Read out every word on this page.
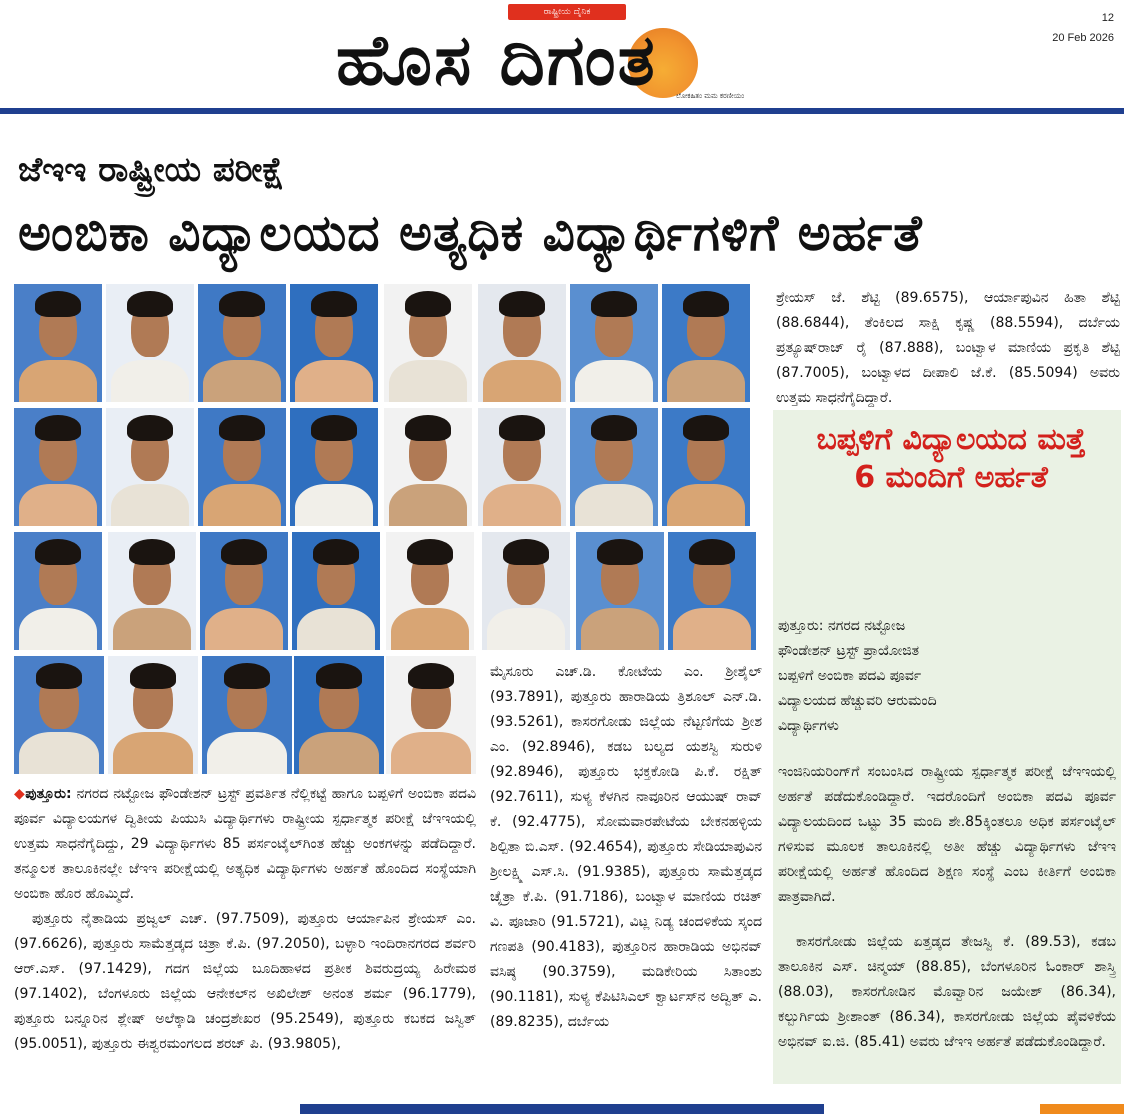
ರಾಷ್ಟ್ರೀಯ ದೈನಿಕ
ಹೊಸ ದಿಗಂತ	ಲೋಕಹಿತಂ ಮಮ ಕರಣೀಯಂ
12
20 Feb 2026
ಜೆಇಇ ರಾಷ್ಟ್ರೀಯ ಪರೀಕ್ಷೆ
ಅಂಬಿಕಾ ವಿದ್ಯಾಲಯದ ಅತ್ಯಧಿಕ ವಿದ್ಯಾರ್ಥಿಗಳಿಗೆ ಅರ್ಹತೆ

◆ಪುತ್ತೂರು: ನಗರದ ನಟ್ಟೋಜ ಫೌಂಡೇಶನ್ ಟ್ರಸ್ಟ್ ಪ್ರವರ್ತಿತ ನೆಲ್ಲಿಕಟ್ಟೆ ಹಾಗೂ ಬಪ್ಪಳಿಗೆ ಅಂಬಿಕಾ ಪದವಿ ಪೂರ್ವ ವಿದ್ಯಾಲಯಗಳ ದ್ವಿತೀಯ ಪಿಯುಸಿ ವಿದ್ಯಾರ್ಥಿಗಳು ರಾಷ್ಟ್ರೀಯ ಸ್ಪರ್ಧಾತ್ಮಕ ಪರೀಕ್ಷೆ ಜೆಇಇಯಲ್ಲಿ ಉತ್ತಮ ಸಾಧನೆಗೈದಿದ್ದು, 29 ವಿದ್ಯಾರ್ಥಿಗಳು 85 ಪರ್ಸಂಟೈಲ್‌ಗಿಂತ ಹೆಚ್ಚು ಅಂಕಗಳನ್ನು ಪಡೆದಿದ್ದಾರೆ. ತನ್ಮೂಲಕ ತಾಲೂಕಿನಲ್ಲೇ ಜೆಇಇ ಪರೀಕ್ಷೆಯಲ್ಲಿ ಅತ್ಯಧಿಕ ವಿದ್ಯಾರ್ಥಿಗಳು ಅರ್ಹತೆ ಹೊಂದಿದ ಸಂಸ್ಥೆಯಾಗಿ ಅಂಬಿಕಾ ಹೊರ ಹೊಮ್ಮಿದೆ.

ಪುತ್ತೂರು ನೈತಾಡಿಯ ಪ್ರಜ್ವಲ್ ಎಚ್. (97.7509), ಪುತ್ತೂರು ಆರ್ಯಾಪಿನ ಶ್ರೇಯಸ್ ಎಂ. (97.6626), ಪುತ್ತೂರು ಸಾಮೆತ್ತಡ್ಕದ ಚಿತ್ರಾ ಕೆ.ಪಿ. (97.2050), ಬಳ್ಳಾರಿ ಇಂದಿರಾನಗರದ ಶರ್ವರಿ ಆರ್.ಎಸ್. (97.1429), ಗದಗ ಜಿಲ್ಲೆಯ ಬೂದಿಹಾಳದ ಪ್ರತೀಕ ಶಿವರುದ್ರಯ್ಯ ಹಿರೇಮಠ (97.1402), ಬೆಂಗಳೂರು ಜಿಲ್ಲೆಯ ಆನೇಕಲ್‌ನ ಅಖಿಲೇಶ್ ಅನಂತ ಶರ್ಮ (96.1779), ಪುತ್ತೂರು ಬನ್ನೂರಿನ ಶ್ಲೇಷ್ ಅಲೆಕ್ಕಾಡಿ ಚಂದ್ರಶೇಖರ (95.2549), ಪುತ್ತೂರು ಕಬಕದ ಜಸ್ವಿತ್ (95.0051), ಪುತ್ತೂರು ಈಶ್ವರಮಂಗಲದ ಶರಜ್ ಪಿ. (93.9805),

ಮೈಸೂರು ಎಚ್.ಡಿ. ಕೋಟೆಯ ಎಂ. ಶ್ರೀಶೈಲ್ (93.7891), ಪುತ್ತೂರು ಹಾರಾಡಿಯ ತ್ರಿಶೂಲ್ ಎನ್.ಡಿ. (93.5261), ಕಾಸರಗೋಡು ಜಿಲ್ಲೆಯ ನೆಟ್ಟಣಿಗೆಯ ಶ್ರೀಶ ಎಂ. (92.8946), ಕಡಬ ಬಲ್ಯದ ಯಶಸ್ವಿ ಸುರುಳಿ (92.8946), ಪುತ್ತೂರು ಭಕ್ತಕೋಡಿ ಪಿ.ಕೆ. ರಕ್ಷಿತ್ (92.7611), ಸುಳ್ಯ ಕೆಳಗಿನ ನಾವೂರಿನ ಆಯುಷ್ ರಾವ್ ಕೆ. (92.4775), ಸೋಮವಾರಪೇಟೆಯ ಬೇಕನಹಳ್ಳಿಯ ಶಿಲ್ಪಿತಾ ಬಿ.ಎಸ್. (92.4654), ಪುತ್ತೂರು ಸೇಡಿಯಾಪುವಿನ ಶ್ರೀಲಕ್ಷ್ಮಿ ಎಸ್.ಸಿ. (91.9385), ಪುತ್ತೂರು ಸಾಮೆತ್ತಡ್ಕದ ಚೈತ್ರಾ ಕೆ.ಪಿ. (91.7186), ಬಂಟ್ವಾಳ ಮಾಣಿಯ ರಚಿತ್ ವಿ. ಪೂಜಾರಿ (91.5721), ವಿಟ್ಲ ನಿಡ್ಯ ಚಂದಳಿಕೆಯ ಸ್ಕಂದ ಗಣಪತಿ (90.4183), ಪುತ್ತೂರಿನ ಹಾರಾಡಿಯ ಅಭಿನವ್ ವಸಿಷ್ಠ (90.3759), ಮಡಿಕೇರಿಯ ಸಿತಾಂಶು (90.1181), ಸುಳ್ಯ ಕೆಪಿಟಿಸಿಎಲ್ ಕ್ವಾರ್ಟಸ್‌ನ ಅದ್ವಿತ್ ಎ. (89.8235), ದರ್ಬೆಯ
ಶ್ರೇಯಸ್ ಜೆ. ಶೆಟ್ಟಿ (89.6575), ಆರ್ಯಾಪುವಿನ ಹಿತಾ ಶೆಟ್ಟಿ (88.6844), ತೆಂಕಿಲದ ಸಾಕ್ಷಿ ಕೃಷ್ಣ (88.5594), ದರ್ಬೆಯ ಪ್ರತ್ಯೂಷ್‌ರಾಜ್ ರೈ (87.888), ಬಂಟ್ವಾಳ ಮಾಣಿಯ ಪ್ರಕೃತಿ ಶೆಟ್ಟಿ (87.7005), ಬಂಟ್ವಾಳದ ದೀಪಾಲಿ ಜೆ.ಕೆ. (85.5094) ಅವರು ಉತ್ತಮ ಸಾಧನೆಗೈದಿದ್ದಾರೆ.
ಬಪ್ಪಳಿಗೆ ವಿದ್ಯಾಲಯದ ಮತ್ತೆ
6 ಮಂದಿಗೆ ಅರ್ಹತೆ
ಪುತ್ತೂರು: ನಗರದ ನಟ್ಟೋಜ ಫೌಂಡೇಶನ್ ಟ್ರಸ್ಟ್ ಪ್ರಾಯೋಜಿತ ಬಪ್ಪಳಿಗೆ ಅಂಬಿಕಾ ಪದವಿ ಪೂರ್ವ ವಿದ್ಯಾಲಯದ ಹೆಚ್ಚುವರಿ ಆರುಮಂದಿ ವಿದ್ಯಾರ್ಥಿಗಳು
ಇಂಜಿನಿಯರಿಂಗ್‌ಗೆ ಸಂಬಂಸಿದ ರಾಷ್ಟ್ರೀಯ ಸ್ಪರ್ಧಾತ್ಮಕ ಪರೀಕ್ಷೆ ಜೆಇಇಯಲ್ಲಿ ಅರ್ಹತೆ ಪಡೆದುಕೊಂಡಿದ್ದಾರೆ. ಇದರೊಂದಿಗೆ ಅಂಬಿಕಾ ಪದವಿ ಪೂರ್ವ ವಿದ್ಯಾಲಯದಿಂದ ಒಟ್ಟು 35 ಮಂದಿ ಶೇ.85ಕ್ಕಿಂತಲೂ ಅಧಿಕ ಪರ್ಸಂಟೈಲ್ ಗಳಿಸುವ ಮೂಲಕ ತಾಲೂಕಿನಲ್ಲಿ ಅತೀ ಹೆಚ್ಚು ವಿದ್ಯಾರ್ಥಿಗಳು ಜೆಇಇ ಪರೀಕ್ಷೆಯಲ್ಲಿ ಅರ್ಹತೆ ಹೊಂದಿದ ಶಿಕ್ಷಣ ಸಂಸ್ಥೆ ಎಂಬ ಕೀರ್ತಿಗೆ ಅಂಬಿಕಾ ಪಾತ್ರವಾಗಿದೆ.
ಕಾಸರಗೋಡು ಜಿಲ್ಲೆಯ ಏತ್ತಡ್ಕದ ತೇಜಸ್ವಿ ಕೆ. (89.53), ಕಡಬ ತಾಲೂಕಿನ ಎಸ್. ಚಿನ್ಮಯ್ (88.85), ಬೆಂಗಳೂರಿನ ಓಂಕಾರ್ ಶಾಸ್ತ್ರಿ (88.03), ಕಾಸರಗೋಡಿನ ಮೊವ್ವಾರಿನ ಜಯೇಶ್ (86.34), ಕಲ್ಬುರ್ಗಿಯ ಶ್ರೀಶಾಂತ್ (86.34), ಕಾಸರಗೋಡು ಜಿಲ್ಲೆಯ ಪೈವಳಿಕೆಯ ಅಭಿನವ್ ಐ.ಜಿ. (85.41) ಅವರು ಜೆಇಇ ಅರ್ಹತೆ ಪಡೆದುಕೊಂಡಿದ್ದಾರೆ.
